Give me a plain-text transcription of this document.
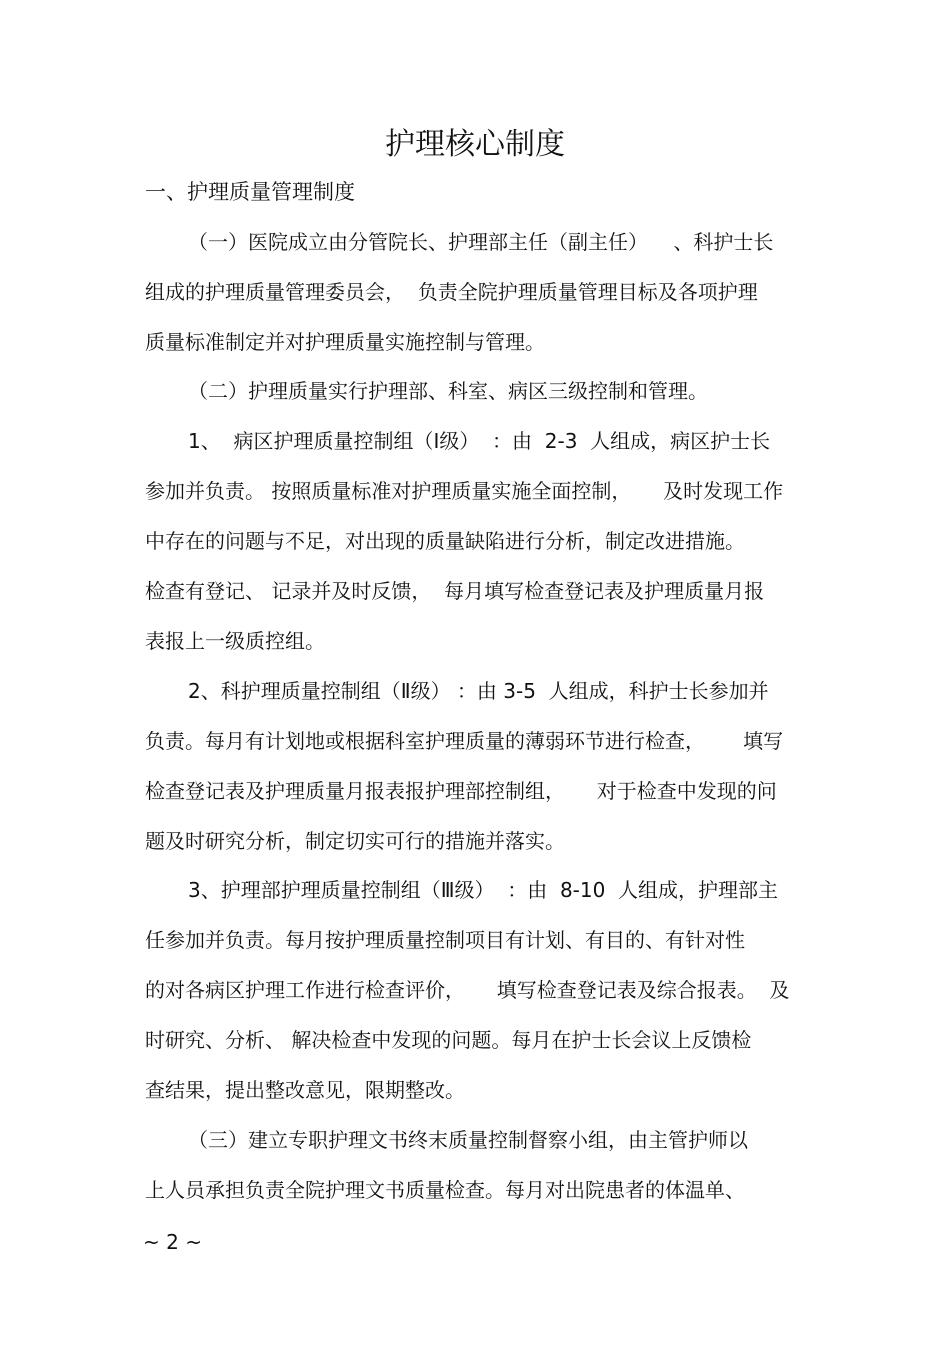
护理核心制度
一、护理质量管理制度
（一）医院成立由分管院长、护理部主任（副主任）    、科护士长
组成的护理质量管理委员会，  负责全院护理质量管理目标及各项护理
质量标准制定并对护理质量实施控制与管理。
（二）护理质量实行护理部、科室、病区三级控制和管理。
1、  病区护理质量控制组（Ⅰ级）  ：由  2-3  人组成，病区护士长
参加并负责。 按照质量标准对护理质量实施全面控制，     及时发现工作
中存在的问题与不足，对出现的质量缺陷进行分析，制定改进措施。
检查有登记、 记录并及时反馈，  每月填写检查登记表及护理质量月报
表报上一级质控组。
2、科护理质量控制组（Ⅱ级） ：由 3-5  人组成，科护士长参加并
负责。每月有计划地或根据科室护理质量的薄弱环节进行检查，      填写
检查登记表及护理质量月报表报护理部控制组，     对于检查中发现的问
题及时研究分析，制定切实可行的措施并落实。
3、护理部护理质量控制组（Ⅲ级）  ：由  8-10  人组成，护理部主
任参加并负责。每月按护理质量控制项目有计划、有目的、有针对性
的对各病区护理工作进行检查评价，     填写检查登记表及综合报表。  及
时研究、分析、 解决检查中发现的问题。每月在护士长会议上反馈检
查结果，提出整改意见，限期整改。
（三）建立专职护理文书终末质量控制督察小组，由主管护师以
上人员承担负责全院护理文书质量检查。每月对出院患者的体温单、
~ 2 ~
